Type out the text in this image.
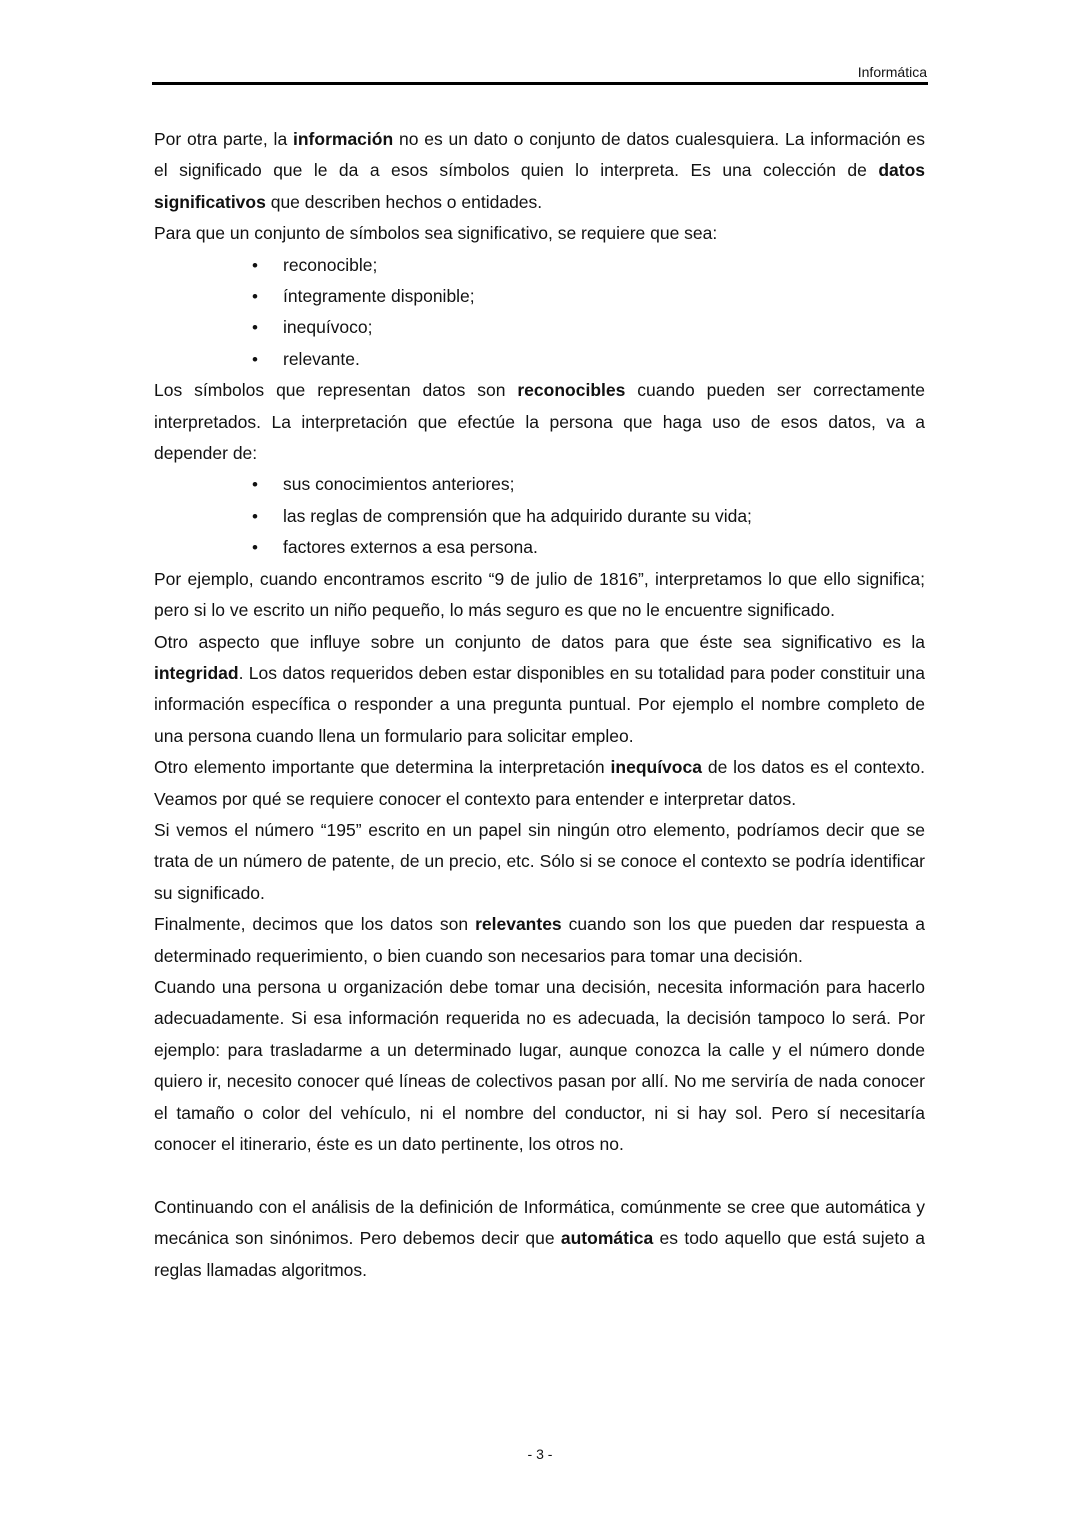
Informática

Por otra parte, la información no es un dato o conjunto de datos cualesquiera. La información es el significado que le da a esos símbolos quien lo interpreta. Es una colección de datos significativos que describen hechos o entidades.

Para que un conjunto de símbolos sea significativo, se requiere que sea:

• reconocible;
• íntegramente disponible;
• inequívoco;
• relevante.

Los símbolos que representan datos son reconocibles cuando pueden ser correctamente interpretados. La interpretación que efectúe la persona que haga uso de esos datos, va a depender de:

• sus conocimientos anteriores;
• las reglas de comprensión que ha adquirido durante su vida;
• factores externos a esa persona.

Por ejemplo, cuando encontramos escrito “9 de julio de 1816”, interpretamos lo que ello significa; pero si lo ve escrito un niño pequeño, lo más seguro es que no le encuentre significado.

Otro aspecto que influye sobre un conjunto de datos para que éste sea significativo es la integridad. Los datos requeridos deben estar disponibles en su totalidad para poder constituir una información específica o responder a una pregunta puntual. Por ejemplo el nombre completo de una persona cuando llena un formulario para solicitar empleo.

Otro elemento importante que determina la interpretación inequívoca de los datos es el contexto. Veamos por qué se requiere conocer el contexto para entender e interpretar datos.

Si vemos el número “195” escrito en un papel sin ningún otro elemento, podríamos decir que se trata de un número de patente, de un precio, etc. Sólo si se conoce el contexto se podría identificar su significado.

Finalmente, decimos que los datos son relevantes cuando son los que pueden dar respuesta a determinado requerimiento, o bien cuando son necesarios para tomar una decisión.

Cuando una persona u organización debe tomar una decisión, necesita información para hacerlo adecuadamente. Si esa información requerida no es adecuada, la decisión tampoco lo será. Por ejemplo: para trasladarme a un determinado lugar, aunque conozca la calle y el número donde quiero ir, necesito conocer qué líneas de colectivos pasan por allí. No me serviría de nada conocer el tamaño o color del vehículo, ni el nombre del conductor, ni si hay sol. Pero sí necesitaría conocer el itinerario, éste es un dato pertinente, los otros no.

Continuando con el análisis de la definición de Informática, comúnmente se cree que automática y mecánica son sinónimos. Pero debemos decir que automática es todo aquello que está sujeto a reglas llamadas algoritmos.

- 3 -
